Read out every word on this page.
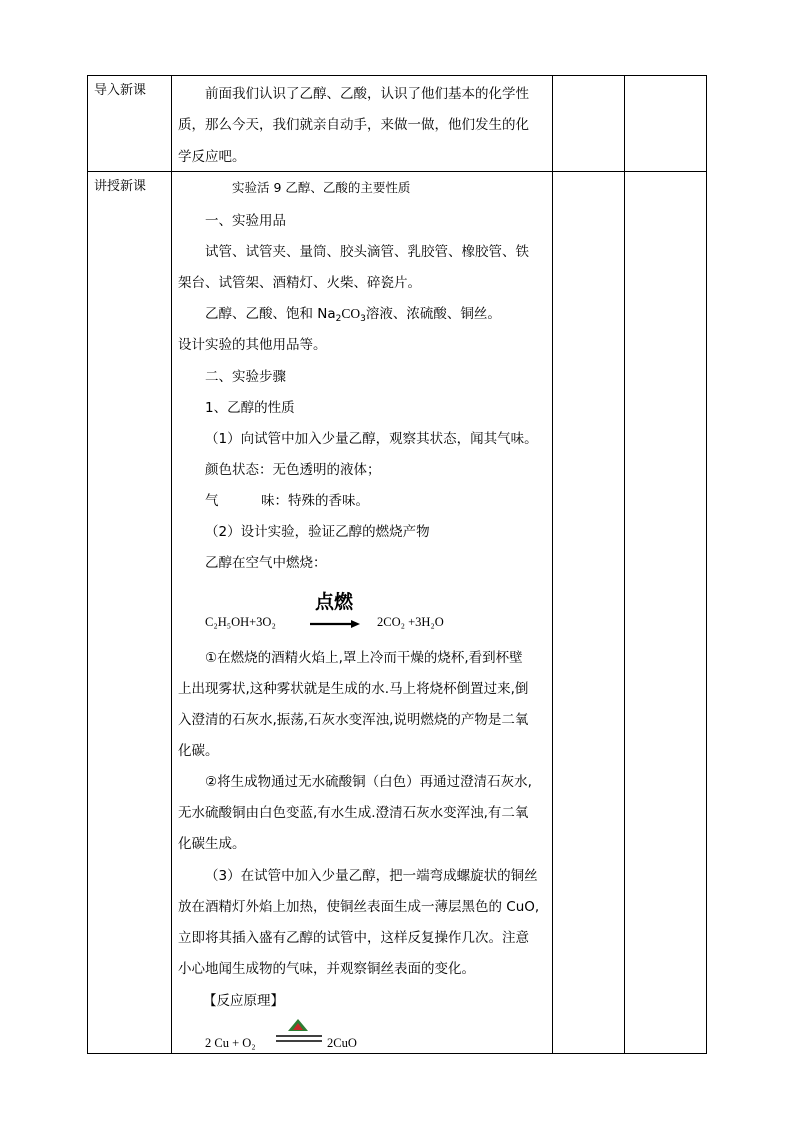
导入新课	前面我们认识了乙醇、乙酸，认识了他们基本的化学性
质，那么今天，我们就亲自动手，来做一做，他们发生的化
学反应吧。
讲授新课	实验活 9 乙醇、乙酸的主要性质
一、实验用品
试管、试管夹、量筒、胶头滴管、乳胶管、橡胶管、铁
架台、试管架、酒精灯、火柴、碎瓷片。
乙醇、乙酸、饱和 $Na_2CO_3$溶液、浓硫酸、铜丝。
设计实验的其他用品等。
二、实验步骤
1、乙醇的性质
（1）向试管中加入少量乙醇，观察其状态，闻其气味。
颜色状态：无色透明的液体；
气	味：特殊的香味。
（2）设计实验，验证乙醇的燃烧产物
乙醇在空气中燃烧：
点燃
C₂H₅OH+3O₂ → 2CO₂ +3H₂O
①在燃烧的酒精火焰上,罩上冷而干燥的烧杯,看到杯壁
上出现雾状,这种雾状就是生成的水.马上将烧杯倒置过来,倒
入澄清的石灰水,振荡,石灰水变浑浊,说明燃烧的产物是二氧
化碳。
②将生成物通过无水硫酸铜（白色）再通过澄清石灰水,
无水硫酸铜由白色变蓝,有水生成.澄清石灰水变浑浊,有二氧
化碳生成。
（3）在试管中加入少量乙醇，把一端弯成螺旋状的铜丝
放在酒精灯外焰上加热，使铜丝表面生成一薄层黑色的 CuO,
立即将其插入盛有乙醇的试管中，这样反复操作几次。注意
小心地闻生成物的气味，并观察铜丝表面的变化。
【反应原理】
2 Cu + O₂	2CuO
